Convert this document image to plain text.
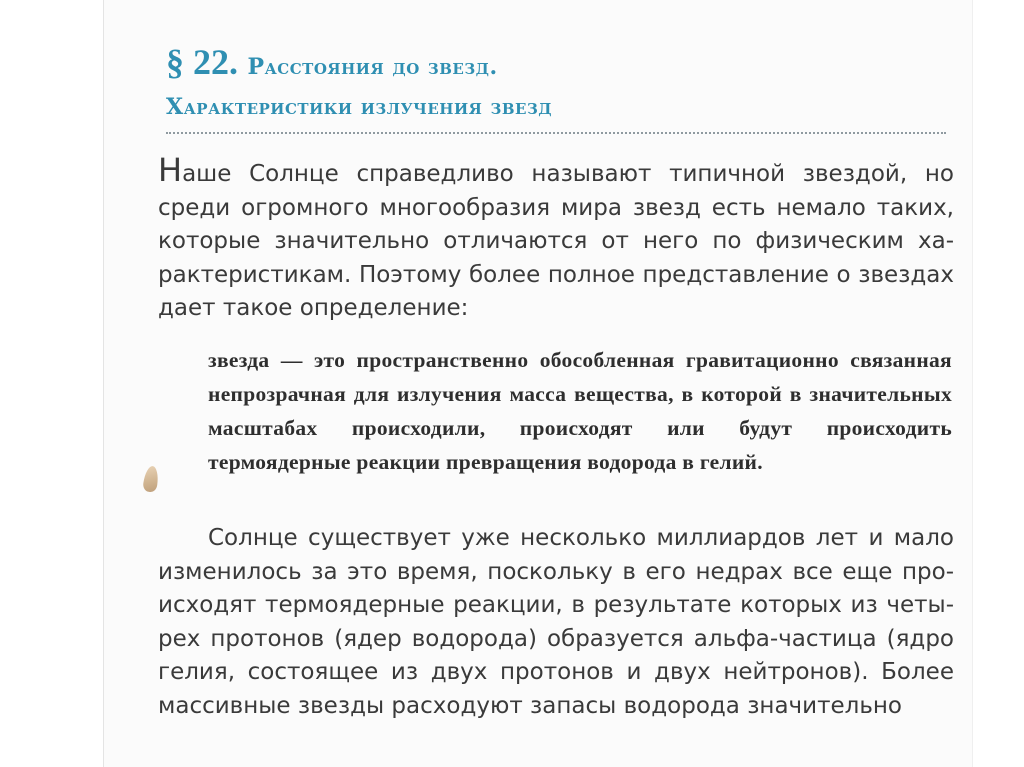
§ 22. Расстояния до звезд.
Характеристики излучения звезд
Наше Солнце справедливо называют типичной звездой, но среди огромного многообразия мира звезд есть немало таких, которые значительно отличаются от него по физическим характеристикам. Поэтому более полное представление о звездах дает такое определение:
звезда — это пространственно обособленная гравитационно связанная непрозрачная для излучения масса вещества, в которой в значительных масштабах происходили, происходят или будут происходить термоядерные реакции превращения водорода в гелий.
Солнце существует уже несколько миллиардов лет и мало изменилось за это время, поскольку в его недрах все еще происходят термоядерные реакции, в результате которых из четырех протонов (ядер водорода) образуется альфа-частица (ядро гелия, состоящее из двух протонов и двух нейтронов). Более массивные звезды расходуют запасы водорода значительно
